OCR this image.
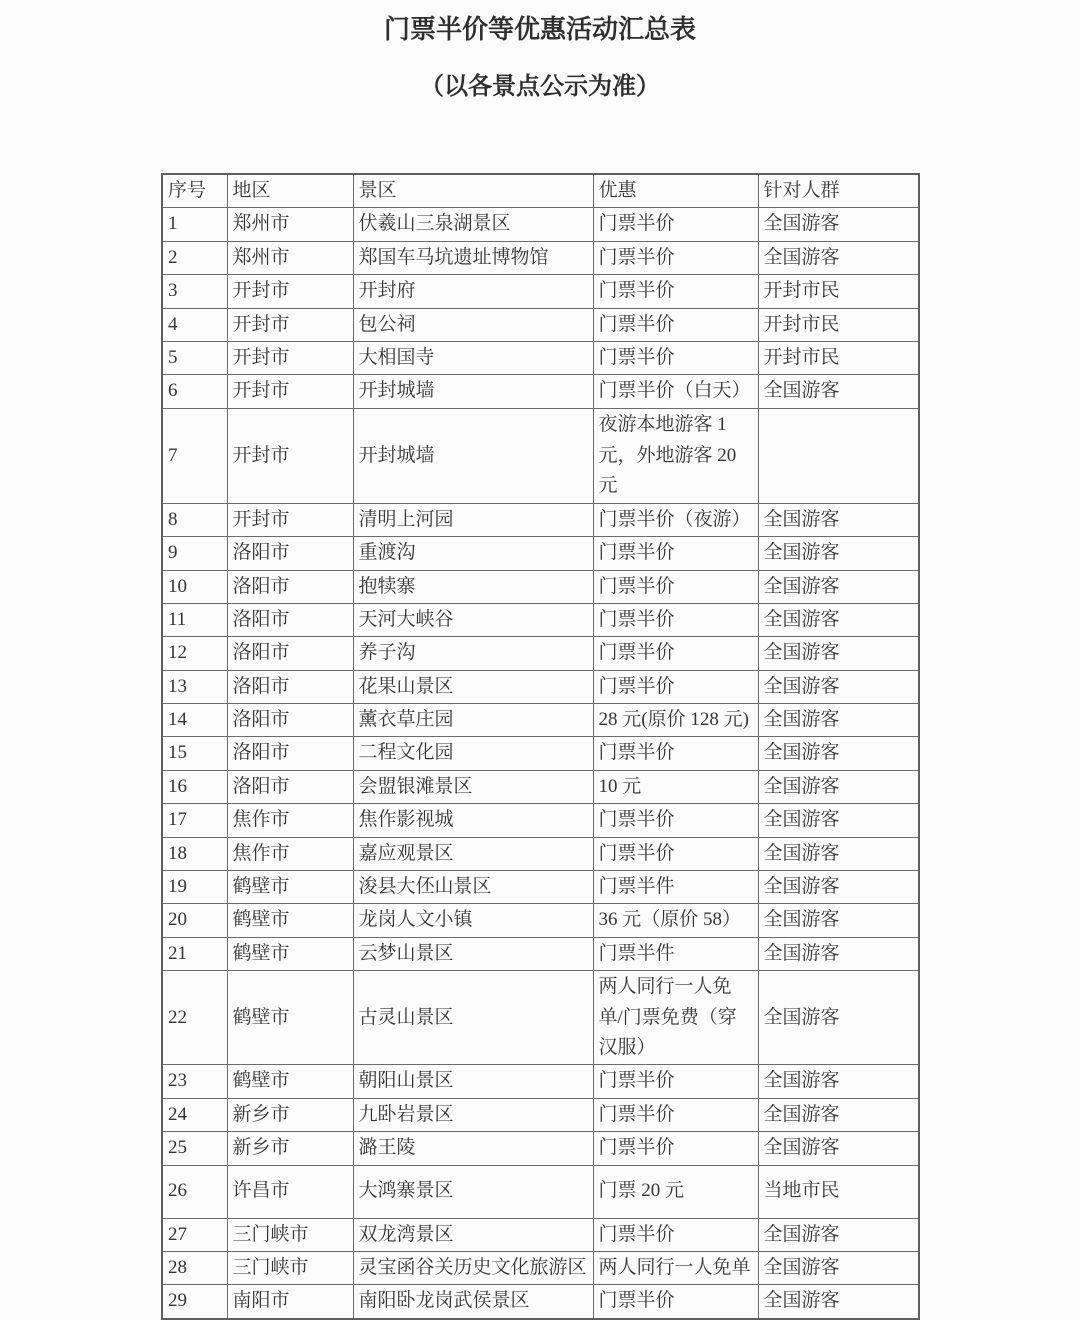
门票半价等优惠活动汇总表
（以各景点公示为准）
序号	地区	景区	优惠	针对人群
1	郑州市	伏羲山三泉湖景区	门票半价	全国游客
2	郑州市	郑国车马坑遗址博物馆	门票半价	全国游客
3	开封市	开封府	门票半价	开封市民
4	开封市	包公祠	门票半价	开封市民
5	开封市	大相国寺	门票半价	开封市民
6	开封市	开封城墙	门票半价（白天）	全国游客
7	开封市	开封城墙	夜游本地游客 1 元，外地游客 20 元	
8	开封市	清明上河园	门票半价（夜游）	全国游客
9	洛阳市	重渡沟	门票半价	全国游客
10	洛阳市	抱犊寨	门票半价	全国游客
11	洛阳市	天河大峡谷	门票半价	全国游客
12	洛阳市	养子沟	门票半价	全国游客
13	洛阳市	花果山景区	门票半价	全国游客
14	洛阳市	薰衣草庄园	28 元(原价 128 元)	全国游客
15	洛阳市	二程文化园	门票半价	全国游客
16	洛阳市	会盟银滩景区	10 元	全国游客
17	焦作市	焦作影视城	门票半价	全国游客
18	焦作市	嘉应观景区	门票半价	全国游客
19	鹤壁市	浚县大伾山景区	门票半件	全国游客
20	鹤壁市	龙岗人文小镇	36 元（原价 58）	全国游客
21	鹤壁市	云梦山景区	门票半件	全国游客
22	鹤壁市	古灵山景区	两人同行一人免单/门票免费（穿汉服）	全国游客
23	鹤壁市	朝阳山景区	门票半价	全国游客
24	新乡市	九卧岩景区	门票半价	全国游客
25	新乡市	潞王陵	门票半价	全国游客
26	许昌市	大鸿寨景区	门票 20 元	当地市民
27	三门峡市	双龙湾景区	门票半价	全国游客
28	三门峡市	灵宝函谷关历史文化旅游区	两人同行一人免单	全国游客
29	南阳市	南阳卧龙岗武侯景区	门票半价	全国游客
